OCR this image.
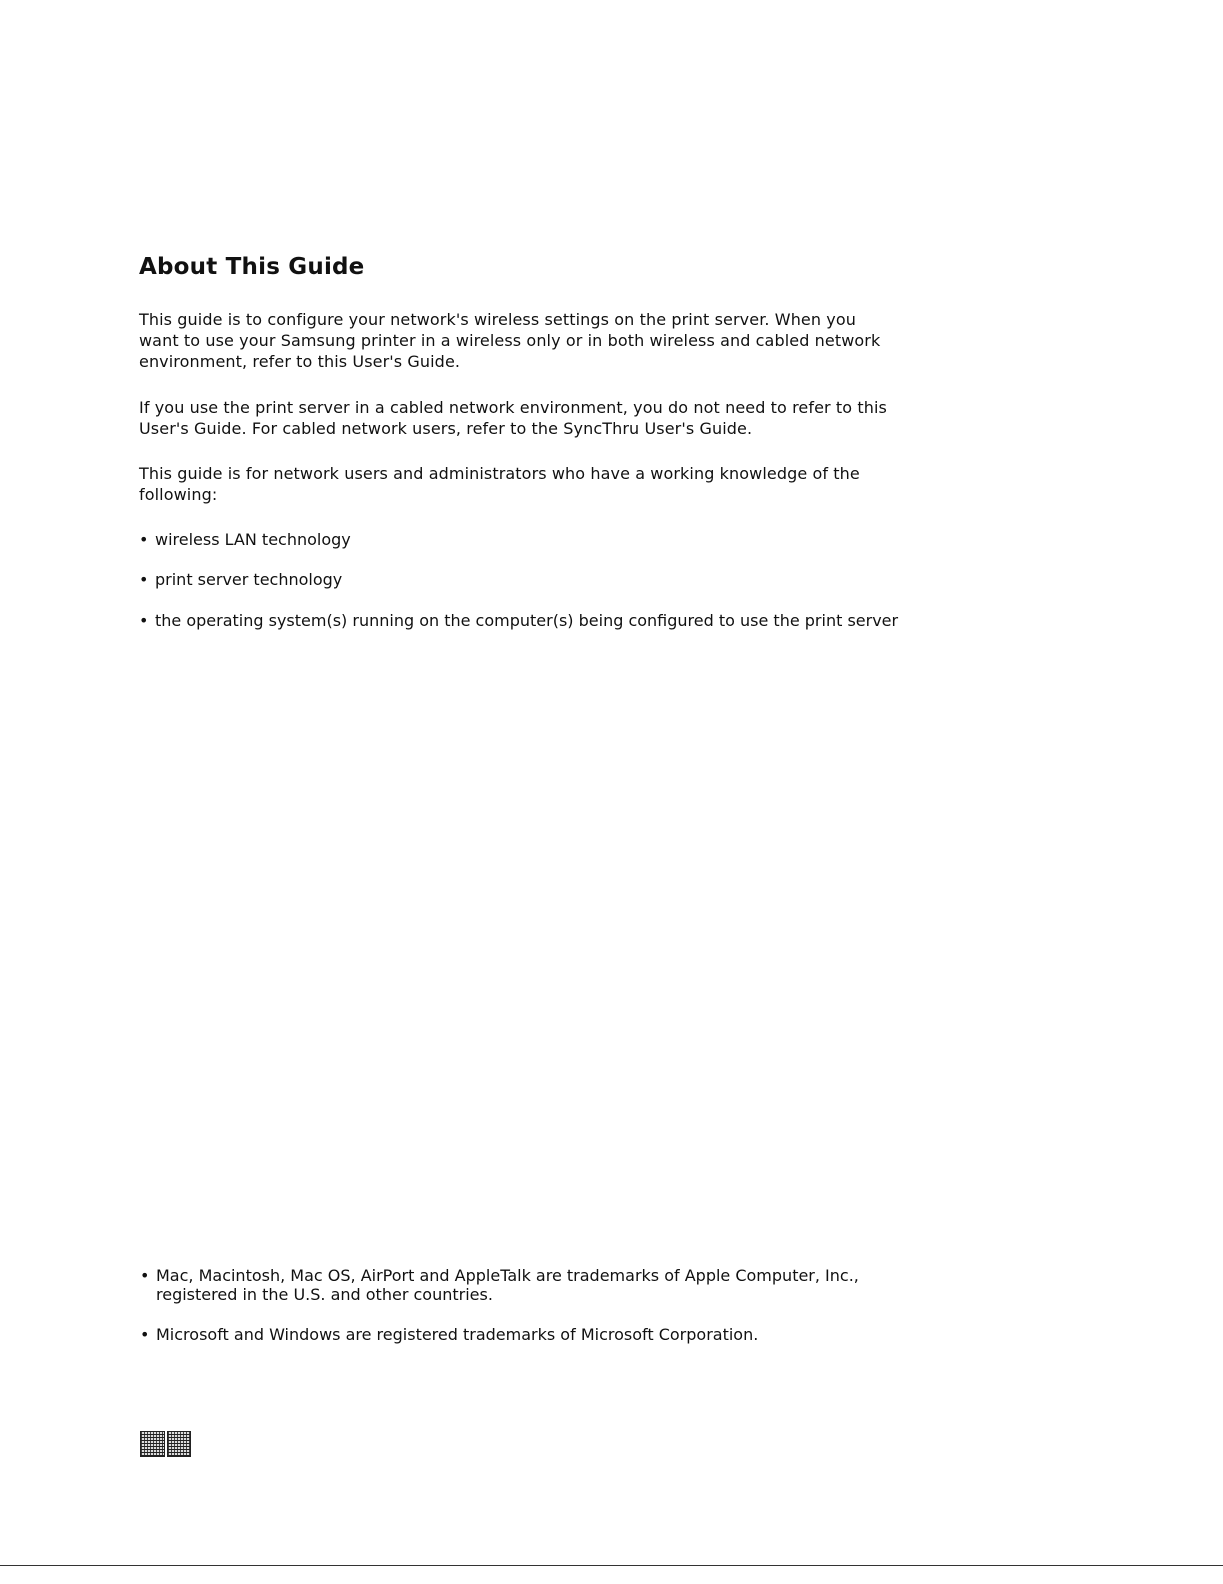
About This Guide

This guide is to configure your network's wireless settings on the print server. When you want to use your Samsung printer in a wireless only or in both wireless and cabled network environment, refer to this User's Guide.

If you use the print server in a cabled network environment, you do not need to refer to this User's Guide. For cabled network users, refer to the SyncThru User's Guide.

This guide is for network users and administrators who have a working knowledge of the following:

• wireless LAN technology
• print server technology
• the operating system(s) running on the computer(s) being configured to use the print server
• Mac, Macintosh, Mac OS, AirPort and AppleTalk are trademarks of Apple Computer, Inc., registered in the U.S. and other countries.
• Microsoft and Windows are registered trademarks of Microsoft Corporation.
